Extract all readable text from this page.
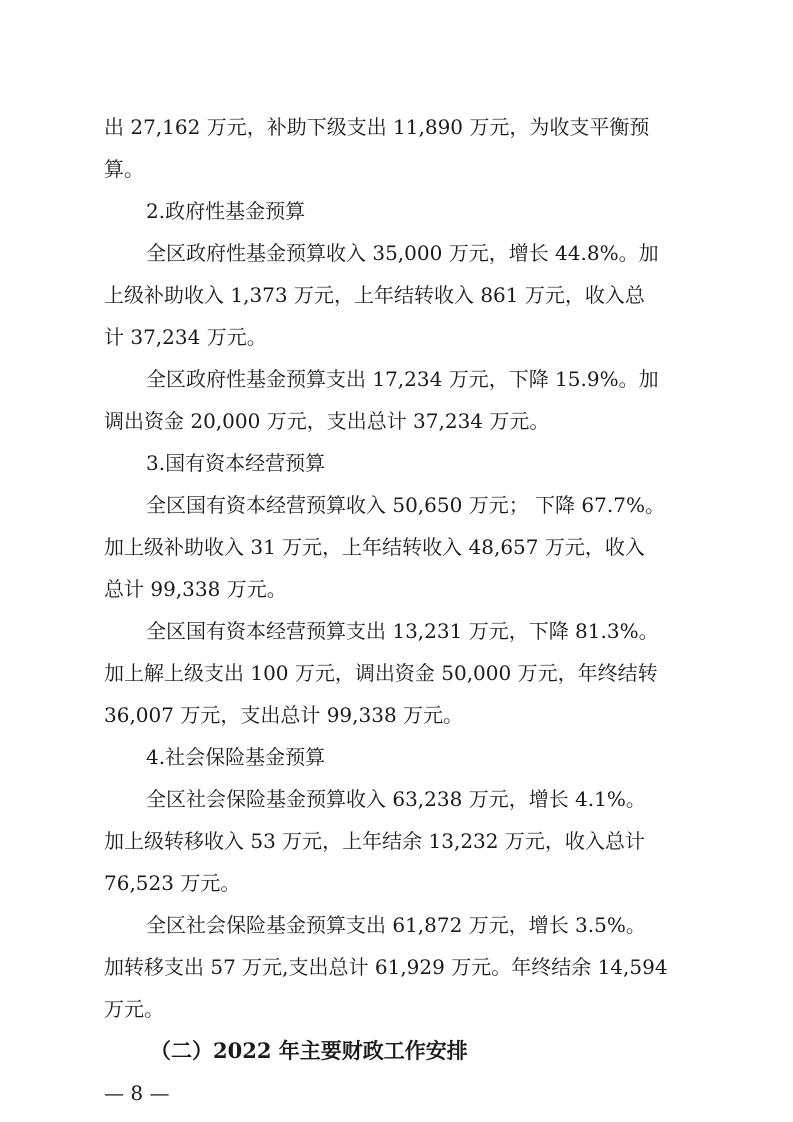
出 27,162 万元，补助下级支出 11,890 万元，为收支平衡预
算。
2.政府性基金预算
全区政府性基金预算收入 35,000 万元，增长 44.8%。加
上级补助收入 1,373 万元，上年结转收入 861 万元，收入总
计 37,234 万元。
全区政府性基金预算支出 17,234 万元，下降 15.9%。加
调出资金 20,000 万元，支出总计 37,234 万元。
3.国有资本经营预算
全区国有资本经营预算收入 50,650 万元； 下降 67.7%。
加上级补助收入 31 万元，上年结转收入 48,657 万元，收入
总计 99,338 万元。
全区国有资本经营预算支出 13,231 万元，下降 81.3%。
加上解上级支出 100 万元，调出资金 50,000 万元，年终结转
36,007 万元，支出总计 99,338 万元。
4.社会保险基金预算
全区社会保险基金预算收入 63,238 万元，增长 4.1%。
加上级转移收入 53 万元，上年结余 13,232 万元，收入总计
76,523 万元。
全区社会保险基金预算支出 61,872 万元，增长 3.5%。
加转移支出 57 万元,支出总计 61,929 万元。年终结余 14,594
万元。
（二）2022 年主要财政工作安排
— 8 —
